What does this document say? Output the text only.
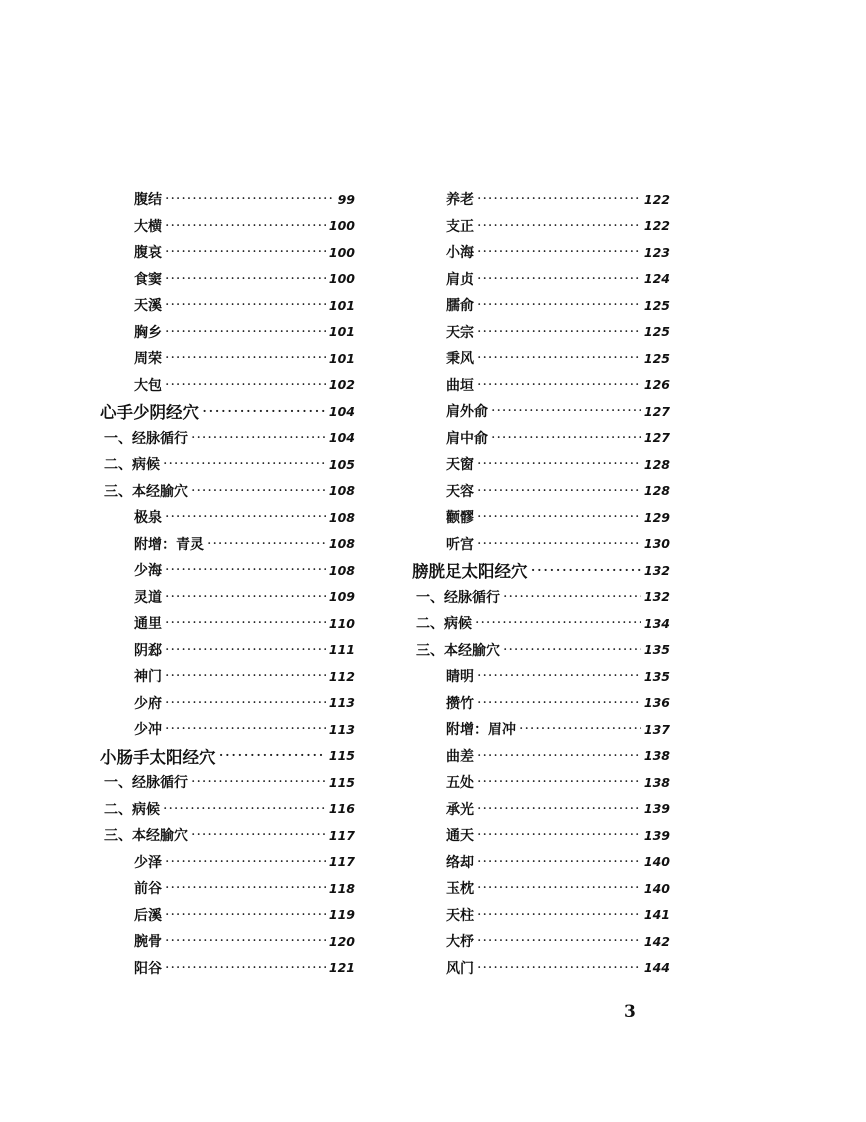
腹结 ·····	99
大横 ·····	100
腹哀 ·····	100
食窦 ·····	100
天溪 ·····	101
胸乡 ·····	101
周荣 ·····	101
大包 ·····	102
心手少阴经穴 ·····	104
一、经脉循行 ·····	104
二、病候 ·····	105
三、本经腧穴 ·····	108
极泉 ·····	108
附增：青灵 ·····	108
少海 ·····	108
灵道 ·····	109
通里 ·····	110
阴郄 ·····	111
神门 ·····	112
少府 ·····	113
少冲 ·····	113
小肠手太阳经穴 ·····	115
一、经脉循行 ·····	115
二、病候 ·····	116
三、本经腧穴 ·····	117
少泽 ·····	117
前谷 ·····	118
后溪 ·····	119
腕骨 ·····	120
阳谷 ·····	121
养老 ·····	122
支正 ·····	122
小海 ·····	123
肩贞 ·····	124
臑俞 ·····	125
天宗 ·····	125
秉风 ·····	125
曲垣 ·····	126
肩外俞 ·····	127
肩中俞 ·····	127
天窗 ·····	128
天容 ·····	128
颧髎 ·····	129
听宫 ·····	130
膀胱足太阳经穴 ·····	132
一、经脉循行 ·····	132
二、病候 ·····	134
三、本经腧穴 ·····	135
睛明 ·····	135
攒竹 ·····	136
附增：眉冲 ·····	137
曲差 ·····	138
五处 ·····	138
承光 ·····	139
通天 ·····	139
络却 ·····	140
玉枕 ·····	140
天柱 ·····	141
大杼 ·····	142
风门 ·····	144
3
